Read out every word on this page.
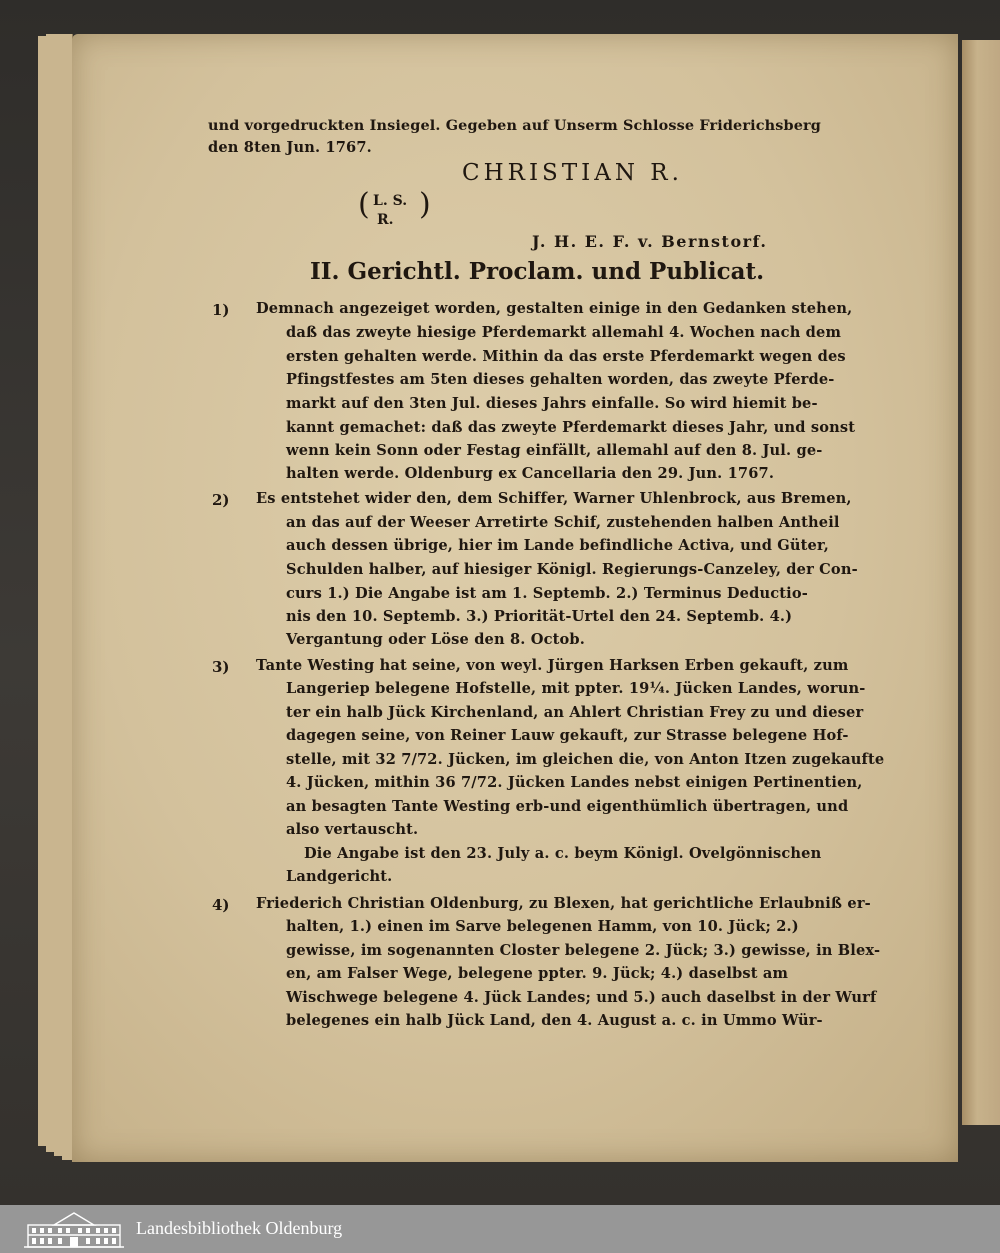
und vorgedruckten Insiegel. Gegeben auf Unserm Schlosse Friderichsberg
den 8ten Jun. 1767.
CHRISTIAN R.
( L. S.
R. )
J. H. E. F. v. Bernstorf.
II. Gerichtl. Proclam. und Publicat.
1) Demnach angezeiget worden, gestalten einige in den Gedanken stehen,
daß das zweyte hiesige Pferdemarkt allemahl 4. Wochen nach dem
ersten gehalten werde. Mithin da das erste Pferdemarkt wegen des
Pfingstfestes am 5ten dieses gehalten worden, das zweyte Pferde-
markt auf den 3ten Jul. dieses Jahrs einfalle. So wird hiemit be-
kannt gemachet: daß das zweyte Pferdemarkt dieses Jahr, und sonst
wenn kein Sonn oder Festag einfällt, allemahl auf den 8. Jul. ge-
halten werde. Oldenburg ex Cancellaria den 29. Jun. 1767.
2) Es entstehet wider den, dem Schiffer, Warner Uhlenbrock, aus Bremen,
an das auf der Weeser Arretirte Schif, zustehenden halben Antheil
auch dessen übrige, hier im Lande befindliche Activa, und Güter,
Schulden halber, auf hiesiger Königl. Regierungs-Canzeley, der Con-
curs 1.) Die Angabe ist am 1. Septemb. 2.) Terminus Deductio-
nis den 10. Septemb. 3.) Priorität-Urtel den 24. Septemb. 4.)
Vergantung oder Löse den 8. Octob.
3) Tante Westing hat seine, von weyl. Jürgen Harksen Erben gekauft, zum
Langeriep belegene Hofstelle, mit ppter. 19¼. Jücken Landes, worun-
ter ein halb Jück Kirchenland, an Ahlert Christian Frey zu und dieser
dagegen seine, von Reiner Lauw gekauft, zur Strasse belegene Hof-
stelle, mit 32 7/72. Jücken, im gleichen die, von Anton Itzen zugekaufte
4. Jücken, mithin 36 7/72. Jücken Landes nebst einigen Pertinentien,
an besagten Tante Westing erb-und eigenthümlich übertragen, und
also vertauscht.
Die Angabe ist den 23. July a. c. beym Königl. Ovelgönnischen
Landgericht.
4) Friederich Christian Oldenburg, zu Blexen, hat gerichtliche Erlaubniß er-
halten, 1.) einen im Sarve belegenen Hamm, von 10. Jück; 2.)
gewisse, im sogenannten Closter belegene 2. Jück; 3.) gewisse, in Blex-
en, am Falser Wege, belegene ppter. 9. Jück; 4.) daselbst am
Wischwege belegene 4. Jück Landes; und 5.) auch daselbst in der Wurf
belegenes ein halb Jück Land, den 4. August a. c. in Ummo Wür-
Landesbibliothek Oldenburg
